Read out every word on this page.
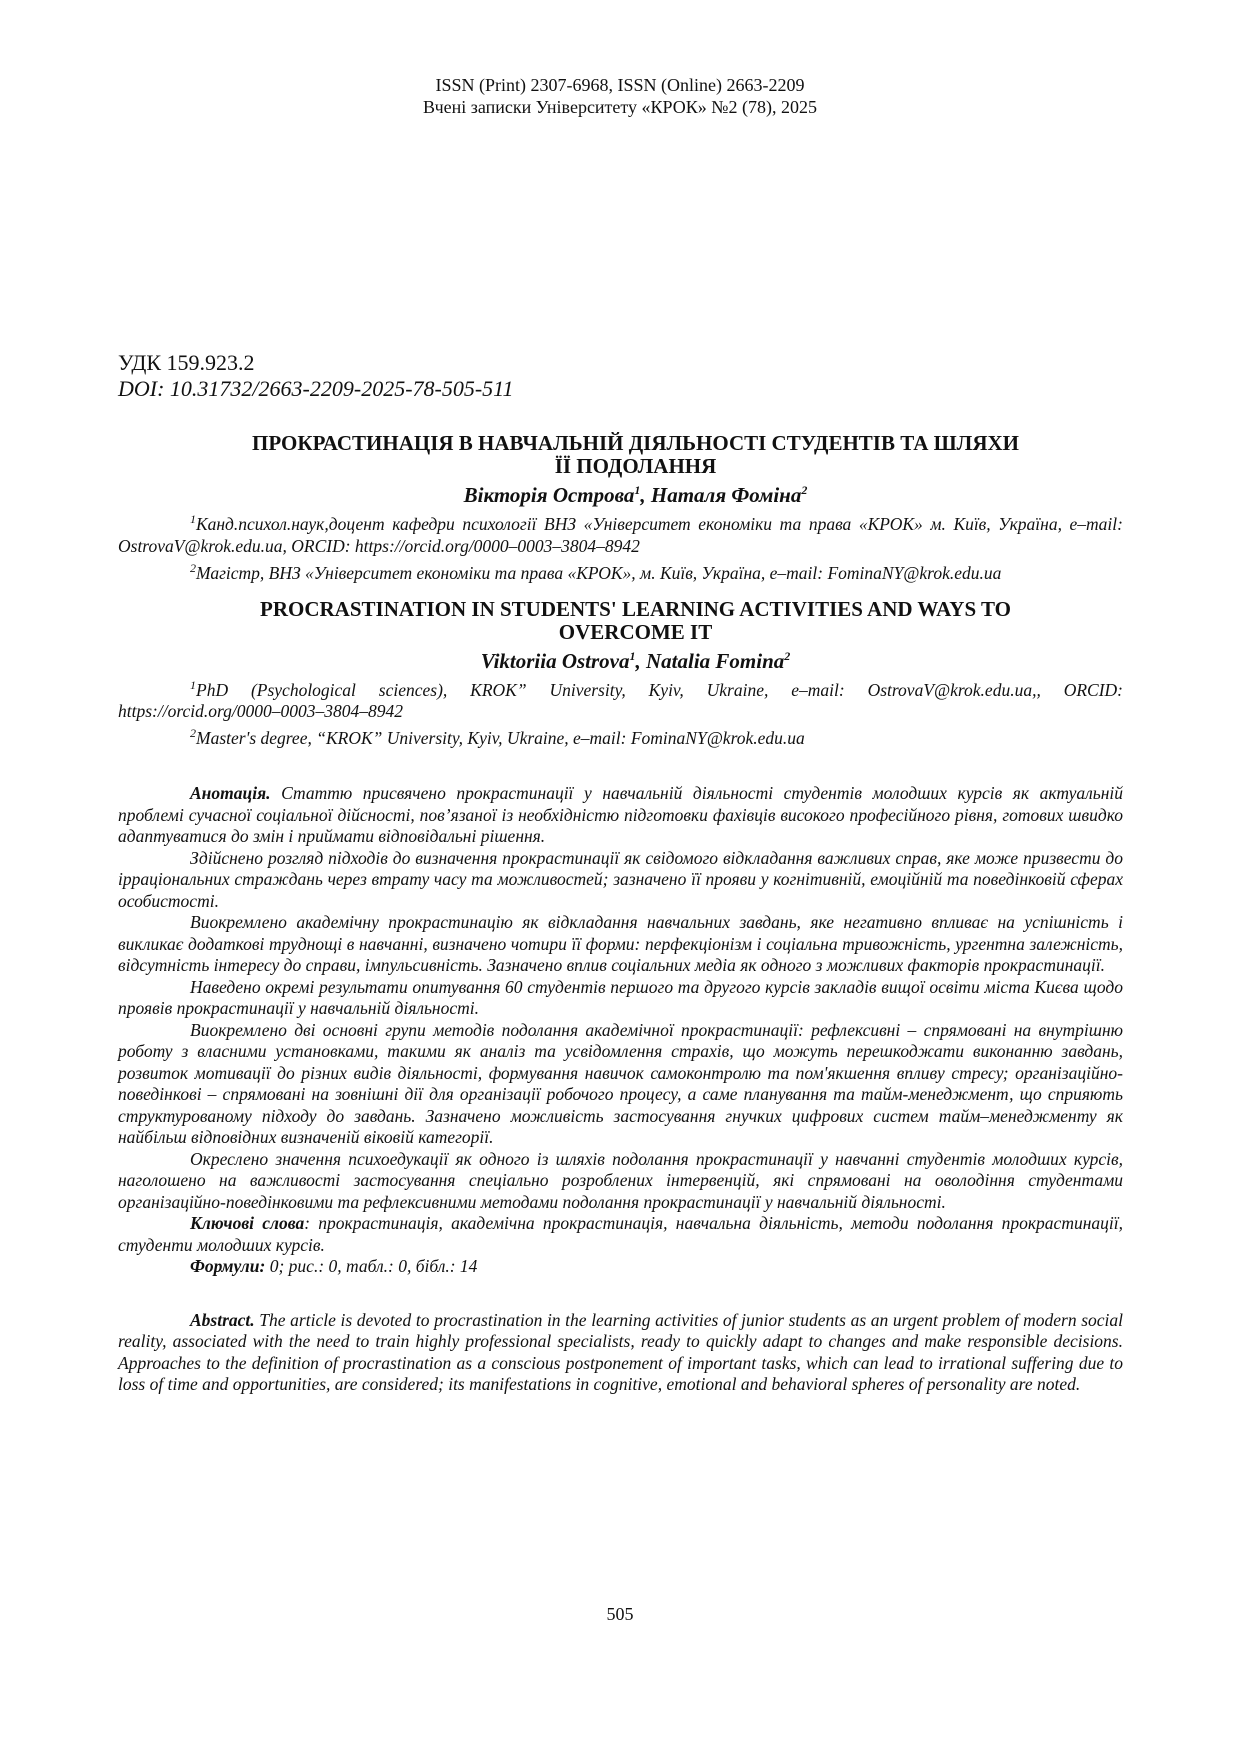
ISSN (Print) 2307-6968, ISSN (Online) 2663-2209
Вчені записки Університету «КРОК» №2 (78), 2025
УДК 159.923.2
DOI: 10.31732/2663-2209-2025-78-505-511

ПРОКРАСТИНАЦІЯ В НАВЧАЛЬНІЙ ДІЯЛЬНОСТІ СТУДЕНТІВ ТА ШЛЯХИ
ЇЇ ПОДОЛАННЯ

Вікторія Острова$^1$, Наталя Фоміна$^2$

$^1$Канд.психол.наук,доцент кафедри психології ВНЗ «Університет економіки та права «КРОК» м. Київ, Україна, e–mail: OstrovaV@krok.edu.ua, ORCID: https://orcid.org/0000–0003–3804–8942

$^2$Магістр, ВНЗ «Університет економіки та права «КРОК», м. Київ, Україна, e–mail: FominaNY@krok.edu.ua

PROCRASTINATION IN STUDENTS' LEARNING ACTIVITIES AND WAYS TO
OVERCOME IT

Viktoriia Ostrova$^1$, Natalia Fomina$^2$

$^1$PhD (Psychological sciences), KROK” University, Kyiv, Ukraine, e–mail: OstrovaV@krok.edu.ua,, ORCID: https://orcid.org/0000–0003–3804–8942

$^2$Master's degree, “KROK” University, Kyiv, Ukraine, e–mail: FominaNY@krok.edu.ua

Анотація. Статтю присвячено прокрастинації у навчальній діяльності студентів молодших курсів як актуальній проблемі сучасної соціальної дійсності, пов’язаної із необхідністю підготовки фахівців високого професійного рівня, готових швидко адаптуватися до змін і приймати відповідальні рішення.

Здійснено розгляд підходів до визначення прокрастинації як свідомого відкладання важливих справ, яке може призвести до ірраціональних страждань через втрату часу та можливостей; зазначено її прояви у когнітивній, емоційній та поведінковій сферах особистості.

Виокремлено академічну прокрастинацію як відкладання навчальних завдань, яке негативно впливає на успішність і викликає додаткові труднощі в навчанні, визначено чотири її форми: перфекціонізм і соціальна тривожність, ургентна залежність, відсутність інтересу до справи, імпульсивність. Зазначено вплив соціальних медіа як одного з можливих факторів прокрастинації.

Наведено окремі результати опитування 60 студентів першого та другого курсів закладів вищої освіти міста Києва щодо проявів прокрастинації у навчальній діяльності.

Виокремлено дві основні групи методів подолання академічної прокрастинації: рефлексивні – спрямовані на внутрішню роботу з власними установками, такими як аналіз та усвідомлення страхів, що можуть перешкоджати виконанню завдань, розвиток мотивації до різних видів діяльності, формування навичок самоконтролю та пом'якшення впливу стресу; організаційно-поведінкові – спрямовані на зовнішні дії для організації робочого процесу, а саме планування та тайм-менеджмент, що сприяють структурованому підходу до завдань. Зазначено можливість застосування гнучких цифрових систем тайм–менеджменту як найбільш відповідних визначеній віковій категорії.

Окреслено значення психоедукації як одного із шляхів подолання прокрастинації у навчанні студентів молодших курсів, наголошено на важливості застосування спеціально розроблених інтервенцій, які спрямовані на оволодіння студентами організаційно-поведінковими та рефлексивними методами подолання прокрастинації у навчальній діяльності.

Ключові слова: прокрастинація, академічна прокрастинація, навчальна діяльність, методи подолання прокрастинації, студенти молодших курсів.

Формули: 0; рис.: 0, табл.: 0, бібл.: 14

Abstract. The article is devoted to procrastination in the learning activities of junior students as an urgent problem of modern social reality, associated with the need to train highly professional specialists, ready to quickly adapt to changes and make responsible decisions. Approaches to the definition of procrastination as a conscious postponement of important tasks, which can lead to irrational suffering due to loss of time and opportunities, are considered; its manifestations in cognitive, emotional and behavioral spheres of personality are noted.

505
